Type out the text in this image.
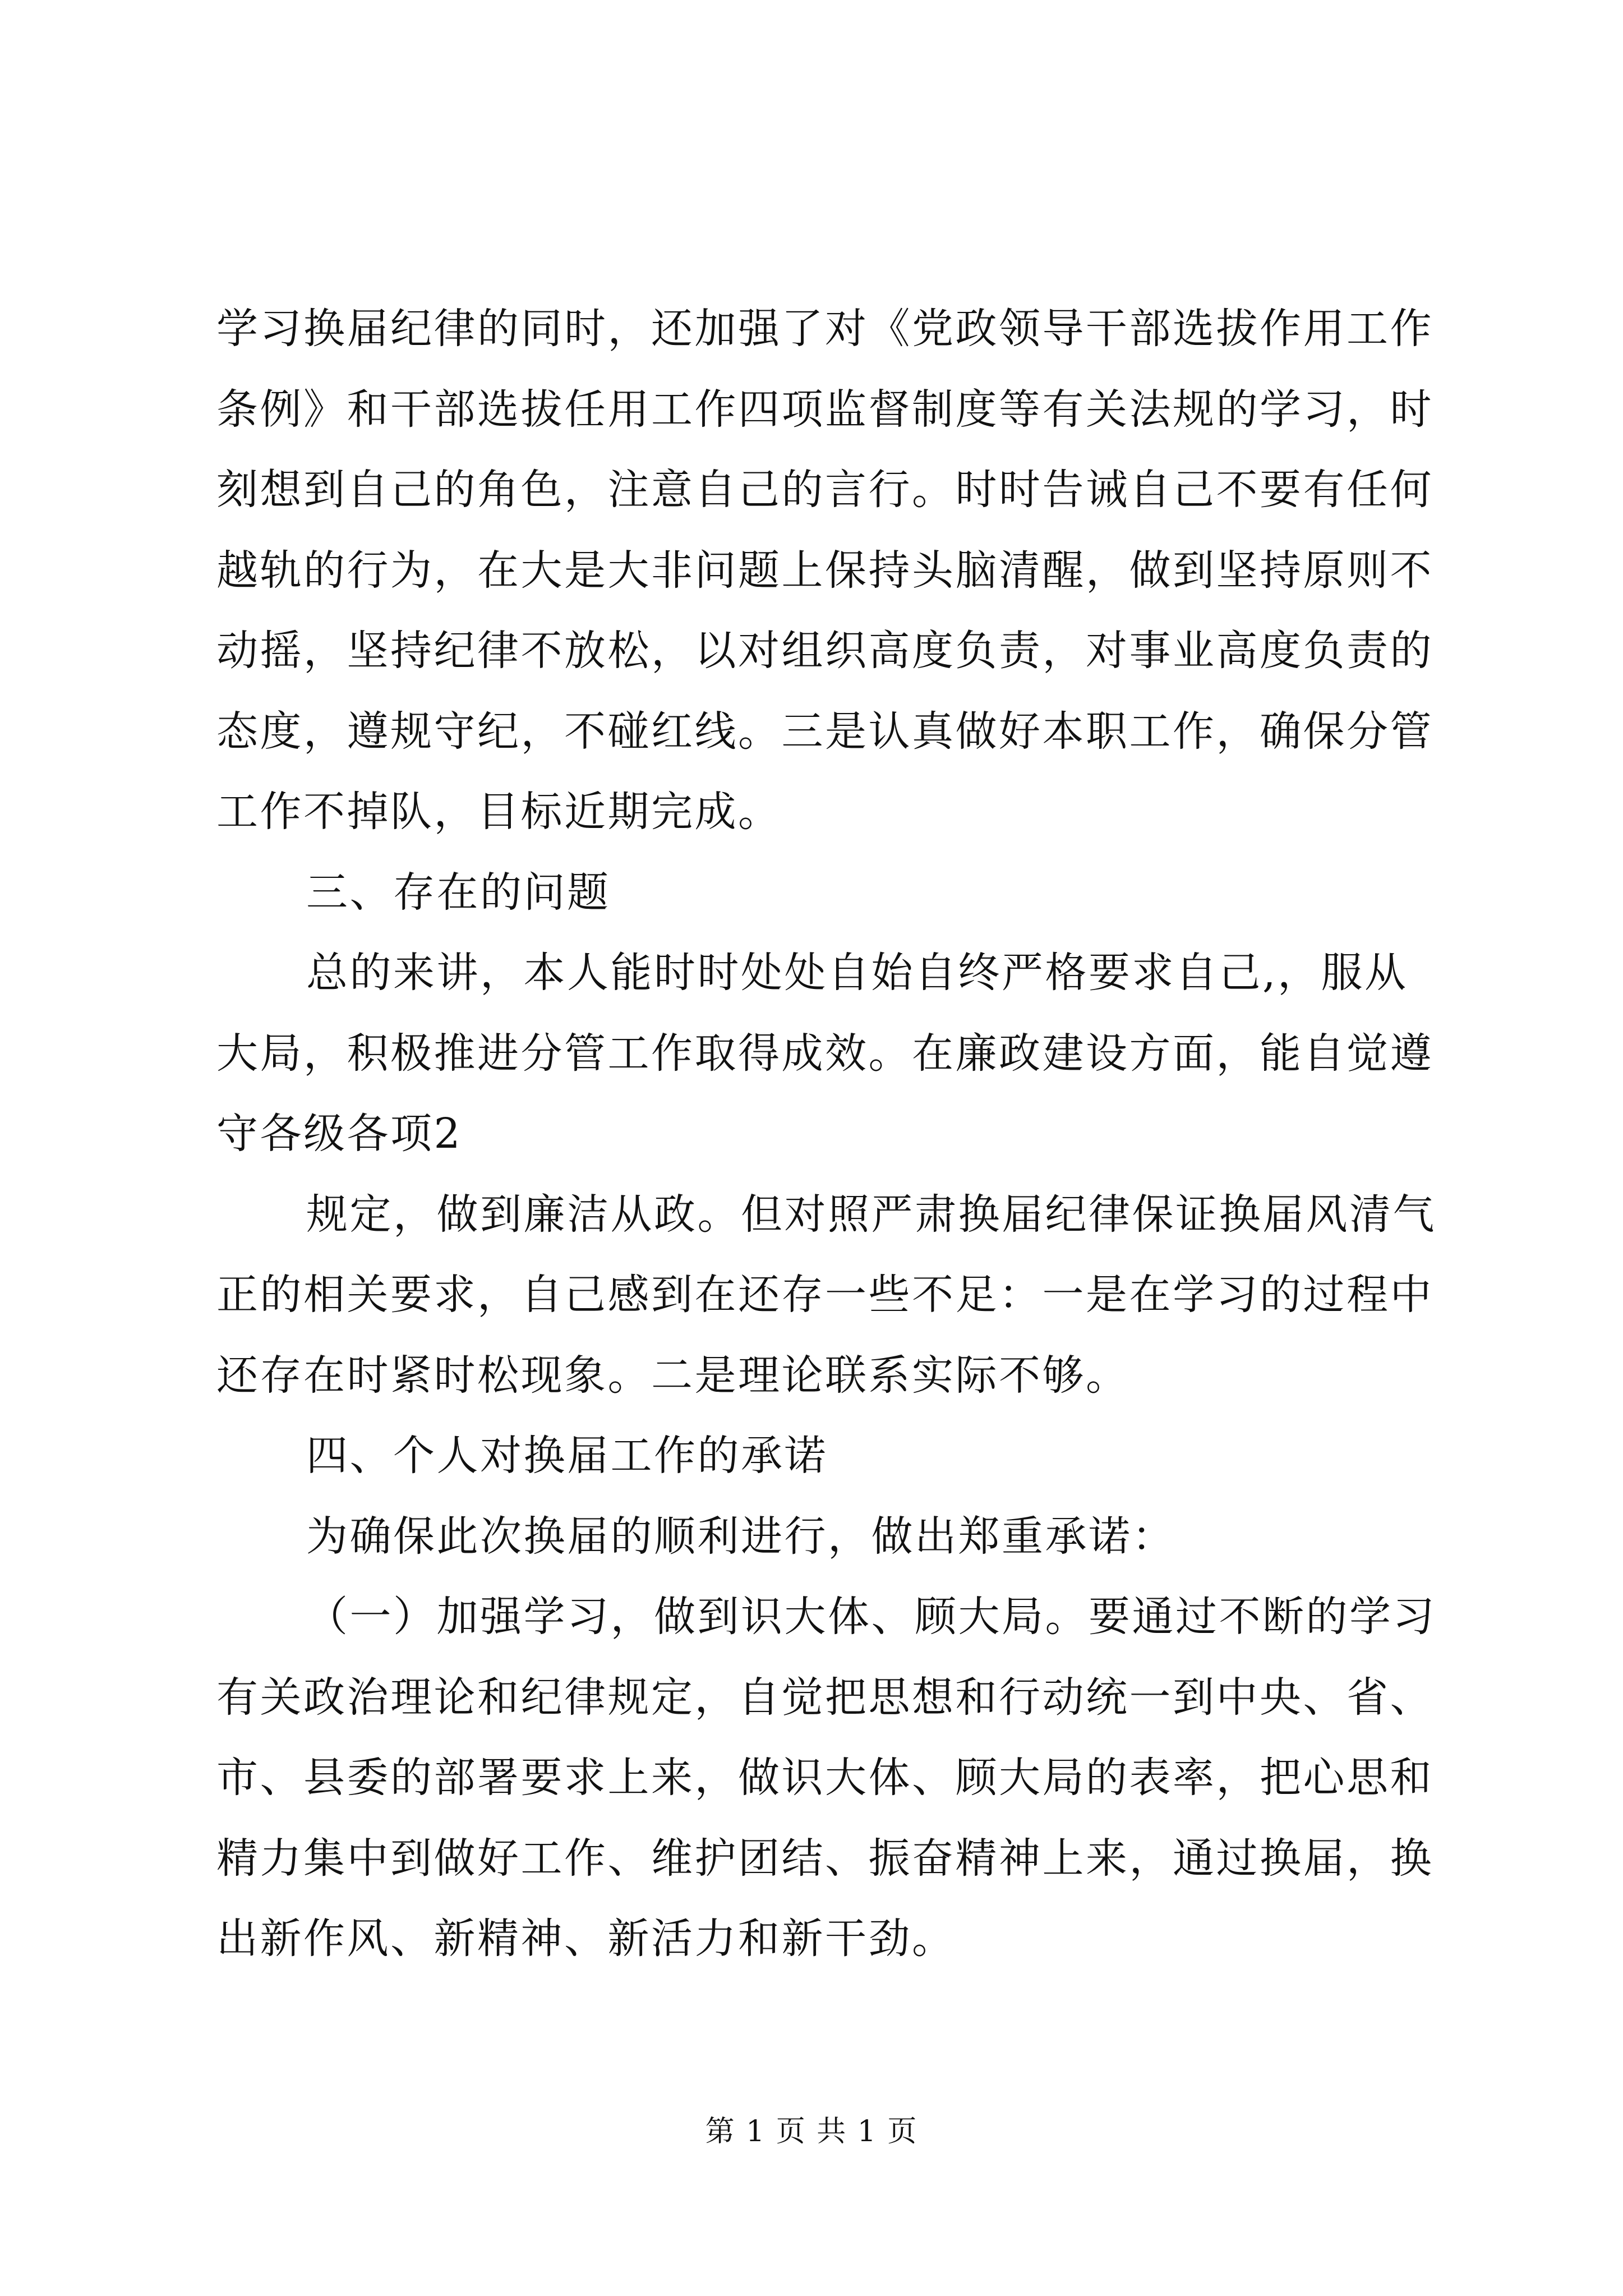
学习换届纪律的同时，还加强了对《党政领导干部选拔作用工作
条例》和干部选拔任用工作四项监督制度等有关法规的学习，时
刻想到自己的角色，注意自己的言行。时时告诫自己不要有任何
越轨的行为，在大是大非问题上保持头脑清醒，做到坚持原则不
动摇，坚持纪律不放松，以对组织高度负责，对事业高度负责的
态度，遵规守纪，不碰红线。三是认真做好本职工作，确保分管
工作不掉队，目标近期完成。
三、存在的问题
总的来讲，本人能时时处处自始自终严格要求自己,，服从
大局，积极推进分管工作取得成效。在廉政建设方面，能自觉遵
守各级各项2
规定，做到廉洁从政。但对照严肃换届纪律保证换届风清气
正的相关要求，自己感到在还存一些不足：一是在学习的过程中
还存在时紧时松现象。二是理论联系实际不够。
四、个人对换届工作的承诺
为确保此次换届的顺利进行，做出郑重承诺：
（一）加强学习，做到识大体、顾大局。要通过不断的学习
有关政治理论和纪律规定，自觉把思想和行动统一到中央、省、
市、县委的部署要求上来，做识大体、顾大局的表率，把心思和
精力集中到做好工作、维护团结、振奋精神上来，通过换届，换
出新作风、新精神、新活力和新干劲。
第 1 页 共 1 页
